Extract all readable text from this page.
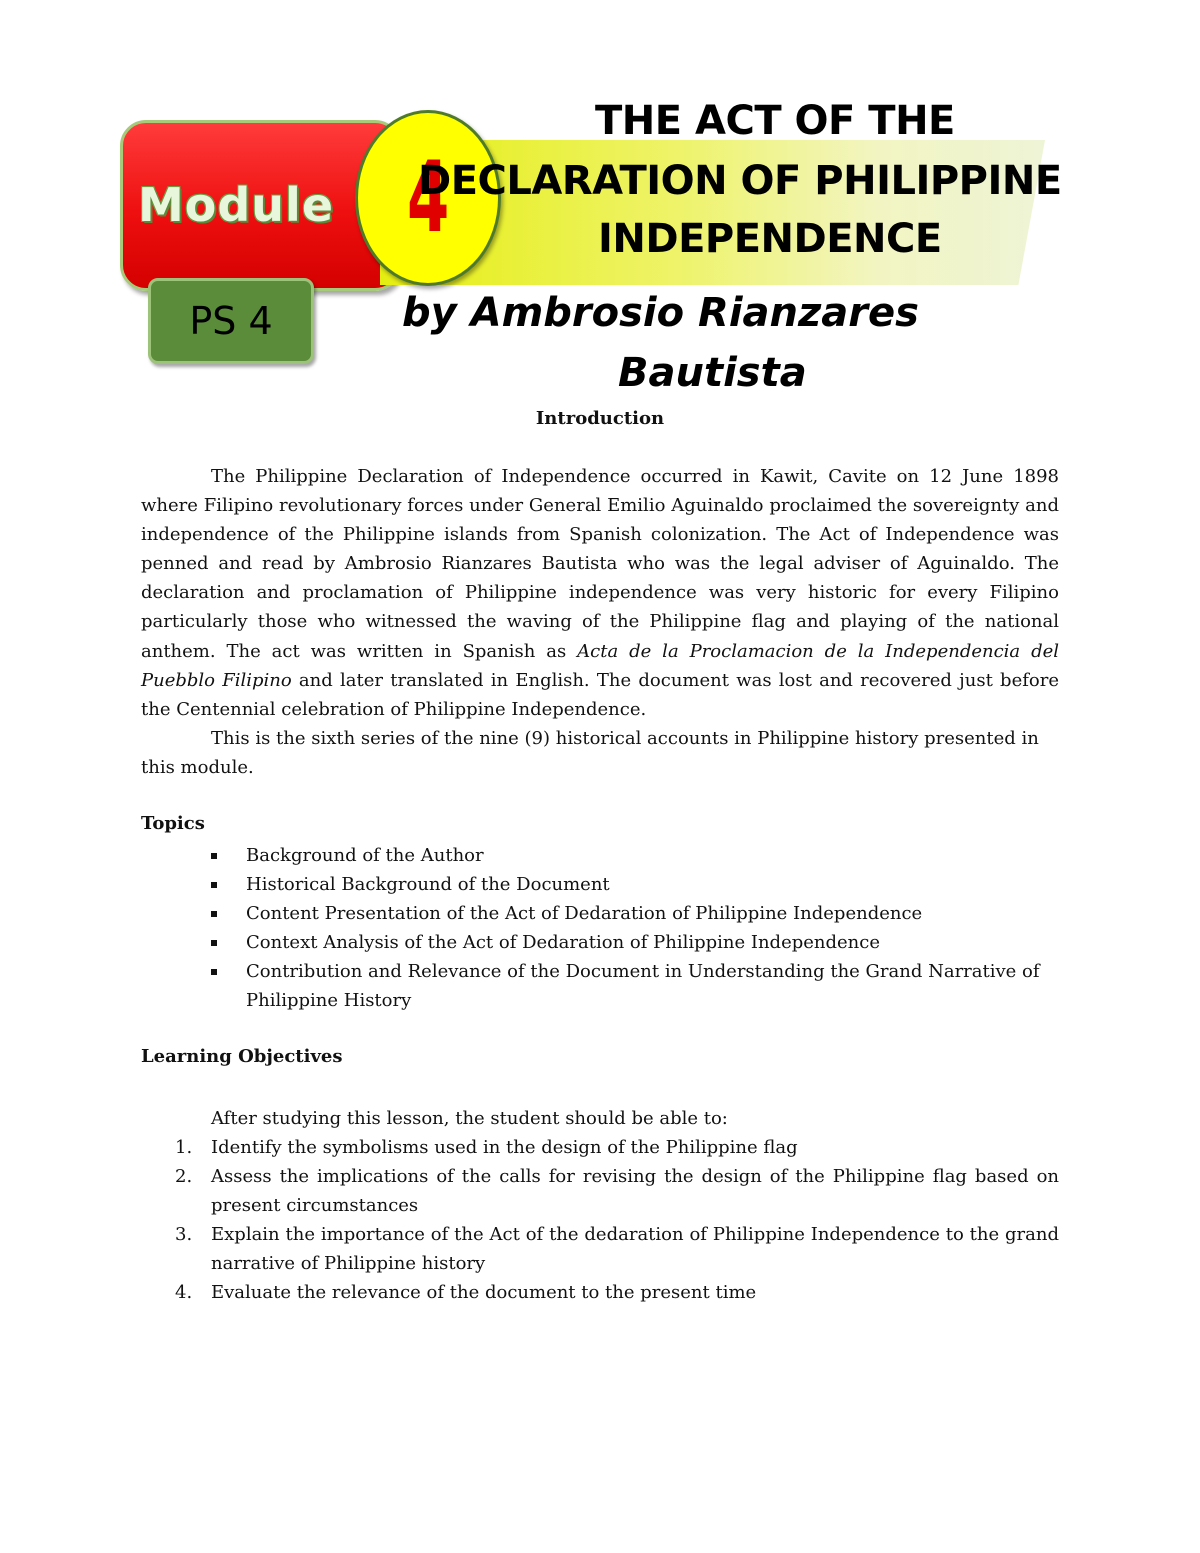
Module 4
THE ACT OF THE
DECLARATION OF PHILIPPINE
INDEPENDENCE
PS 4	by Ambrosio Rianzares
Bautista
Introduction

The Philippine Declaration of Independence occurred in Kawit, Cavite on 12 June 1898 where Filipino revolutionary forces under General Emilio Aguinaldo proclaimed the sovereignty and independence of the Philippine islands from Spanish colonization. The Act of Independence was penned and read by Ambrosio Rianzares Bautista who was the legal adviser of Aguinaldo. The declaration and proclamation of Philippine independence was very historic for every Filipino particularly those who witnessed the waving of the Philippine flag and playing of the national anthem. The act was written in Spanish as Acta de la Proclamacion de la Independencia del Puebblo Filipino and later translated in English. The document was lost and recovered just before the Centennial celebration of Philippine Independence.

This is the sixth series of the nine (9) historical accounts in Philippine history presented in this module.

Topics
Background of the Author
Historical Background of the Document
Content Presentation of the Act of Dedaration of Philippine Independence
Context Analysis of the Act of Dedaration of Philippine Independence
Contribution and Relevance of the Document in Understanding the Grand Narrative of Philippine History
Learning Objectives
After studying this lesson, the student should be able to:
1. Identify the symbolisms used in the design of the Philippine flag
2. Assess the implications of the calls for revising the design of the Philippine flag based on present circumstances
3. Explain the importance of the Act of the dedaration of Philippine Independence to the grand narrative of Philippine history
4. Evaluate the relevance of the document to the present time
